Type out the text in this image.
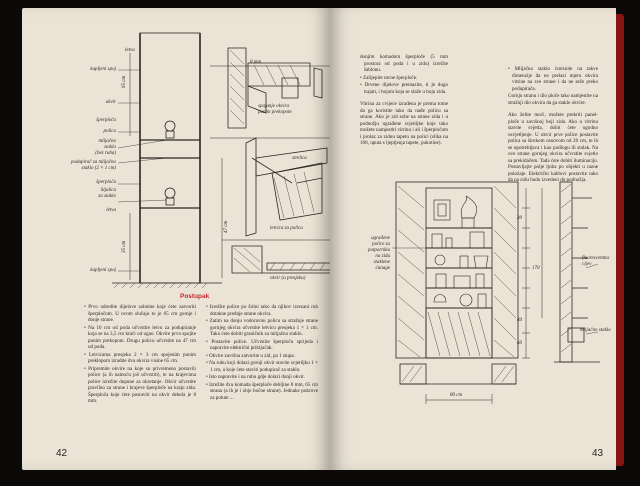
letva
kupljeni spoj
okvir
šperploča
polica
mlijačno
staklo
(bez ruba)
podupirač za mlijačno
staklo (2 × 1 cm)
šperploča
Sijalica
za staklo
letva
kupljeni spoj
65 cm
35 cm
47 cm
8 mm
spajanje okvira
punim prekopom
strelica
letvica za policu
okvir (u presjeku)
Postupak

• Prvo odredite dijelove sobnine koje ćete zatvoriti šperpločom. U ovom slučaju to je 65 cm gornje i donje strane.

• Na 10 cm od poda učvrstite letvu za podupiranje koja se na 3,5 cm kraći od ugao. Okvire prvo spojite punim prekopom. Drugu policu učvrstite na 47 cm od poda.

• Letvicama presjeka 2 × 3 cm spojenim punim preklopom izradite dva okvira visine 65 cm.

• Pripremite okvire na koje su privremeno postavili police (a ih namoću još učvrstiti), te na krajevima police izrežite dopune za okretanje. Okvir učvrstite pravilno za strane i krajeve šperploče na kraju zida. Šperploča koje ćete postaviti na okvir debela je 8 mm.

• Izrežite police po širini tako da njihov izrezani rub dotakne prednje strane okvira.

• Zatim na donju vodoravnu policu sa stražnje strane gornjeg okvira učvrstite letvicu presjeka 1 × 1 cm. Tako ćete dobiti graničnik za mlijačno staklo.

• Postavite police. Učvrstite šperploču sprijeda i napravite električni priključak.

• Okvire završna zatvorite u zid, pa 1 stupa.

• Na rubu koji dolazi gornji okvir stavite svjetiljku 1 × 1 cm, u koje ćete staviti podupirač za staklo.

• Isto napravite i na rubu gdje dolazi donji okvir.

• Izrežite dva komada šperploče debljine 8 mm, 65 cm strana (a ih je i obje bočne strane). Jednake pokrove za polute ...

42

donjim komadom šperploče (5 mm prostora od poda i u zidu) izrežite šablonu.

• Zalijepite ravne šperploče.

• Drvene dijelove premazite, ti je dugo trajati, i bojom koja se slaže u boju zida.

Vitrina za cvijeće izrađena je prema tome da ga koristite tako da nađe policu sa strane. Ako je zid sobe na strane zida i u podnožju ugrađene svjetiljke koje tako možete namjestiti vitrinu i ali i šperpločom i prolaz za zidnu tapetu na polici (slika na 168, uputa s ljepljenja tapete, pukotine).

• Mlijačno staklo izreznite na takve dimenzije da ne prelazi mjeru okvira vitrine na sve strane i da ne seže preko podupirača.

Gornju stranu i dio ploče tako namjestite na stražnji dio okvira da ga stakle okvire.

Ako želite moći, možete prekriti panel-ploče u završnoj boji zida. Ako u vitrinu stavite svjetla, dobit ćete ugodno osvjetljenje. U okvir prve police postavite polica sa širokom osnovom od 20 cm, te ih se upotrebljava i kao podlogu ili stalak. Na ove strane gornjeg okvira učvrstite svjetlo sa prekidačem. Tada ćete dobiti iluminaciju. Postavljajte polje ljuba po objekti u razne položaje. Električni kablovi postavite tako da na zidu budu izvedeni do podnožja.

ugrađene
police sa
potporniku
na zidu
staklene
ćunage
fluorescentna
cijev
mlijačno staklo
30
170
40
60
80 cm
43
